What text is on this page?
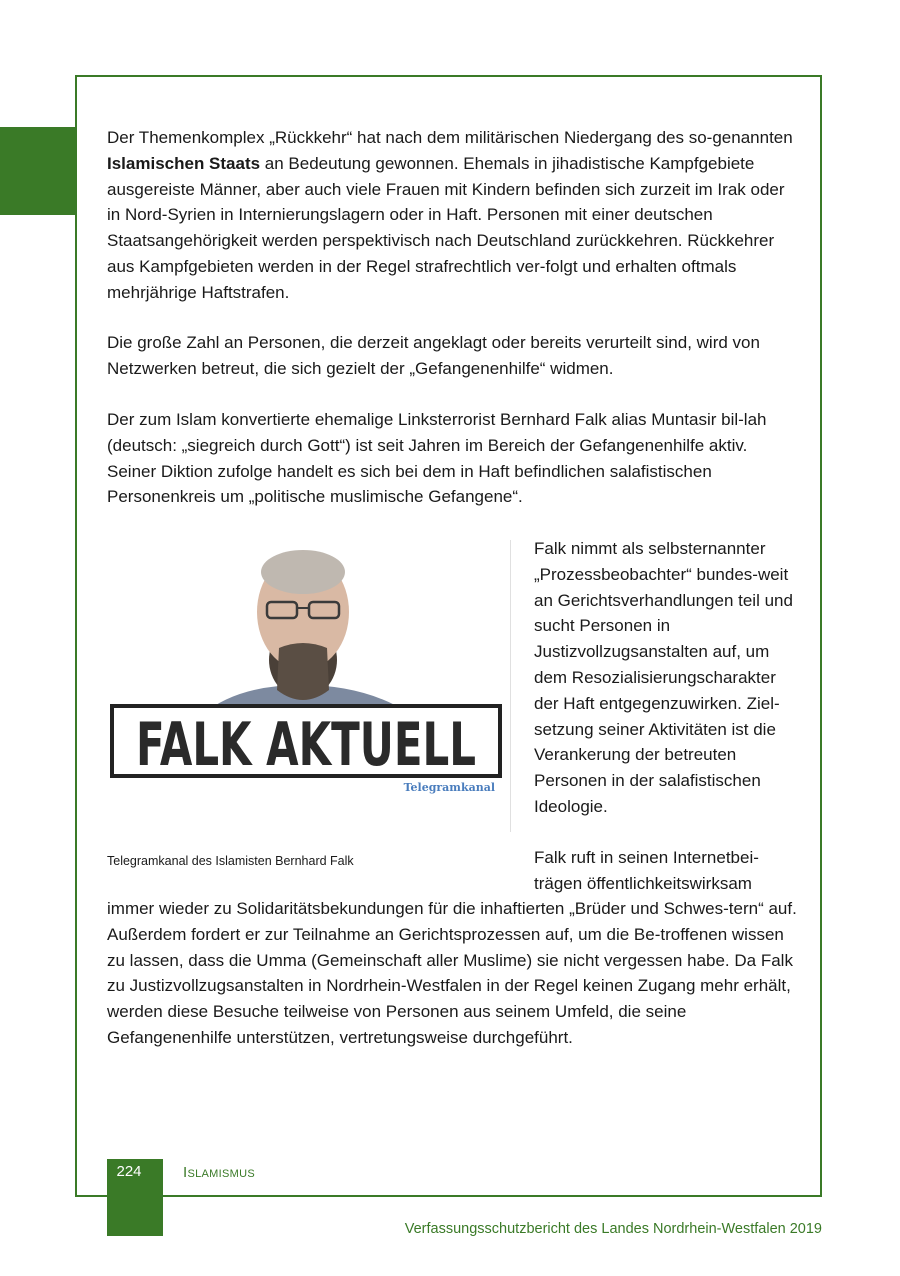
Der Themenkomplex „Rückkehr“ hat nach dem militärischen Niedergang des so-genannten Islamischen Staats an Bedeutung gewonnen. Ehemals in jihadistische Kampfgebiete ausgereiste Männer, aber auch viele Frauen mit Kindern befinden sich zurzeit im Irak oder in Nord-Syrien in Internierungslagern oder in Haft. Personen mit einer deutschen Staatsangehörigkeit werden perspektivisch nach Deutschland zurückkehren. Rückkehrer aus Kampfgebieten werden in der Regel strafrechtlich ver-folgt und erhalten oftmals mehrjährige Haftstrafen.

Die große Zahl an Personen, die derzeit angeklagt oder bereits verurteilt sind, wird von Netzwerken betreut, die sich gezielt der „Gefangenenhilfe“ widmen.

Der zum Islam konvertierte ehemalige Linksterrorist Bernhard Falk alias Muntasir bil-lah (deutsch: „siegreich durch Gott“) ist seit Jahren im Bereich der Gefangenenhilfe aktiv. Seiner Diktion zufolge handelt es sich bei dem in Haft befindlichen salafistischen Personenkreis um „politische muslimische Gefangene“.

FALK AKTUELL
Telegramkanal

Falk nimmt als selbsternannter „Prozessbeobachter“ bundes-weit an Gerichtsverhandlungen teil und sucht Personen in Justizvollzugsanstalten auf, um dem Resozialisierungscharakter der Haft entgegenzuwirken. Ziel-setzung seiner Aktivitäten ist die Verankerung der betreuten Personen in der salafistischen Ideologie.

Telegramkanal des Islamisten Bernhard Falk	Falk ruft in seinen Internetbei-trägen öffentlichkeitswirksam

immer wieder zu Solidaritätsbekundungen für die inhaftierten „Brüder und Schwes-tern“ auf. Außerdem fordert er zur Teilnahme an Gerichtsprozessen auf, um die Be-troffenen wissen zu lassen, dass die Umma (Gemeinschaft aller Muslime) sie nicht vergessen habe. Da Falk zu Justizvollzugsanstalten in Nordrhein-Westfalen in der Regel keinen Zugang mehr erhält, werden diese Besuche teilweise von Personen aus seinem Umfeld, die seine Gefangenenhilfe unterstützen, vertretungsweise durchgeführt.

224	Islamismus
Verfassungsschutzbericht des Landes Nordrhein-Westfalen 2019
